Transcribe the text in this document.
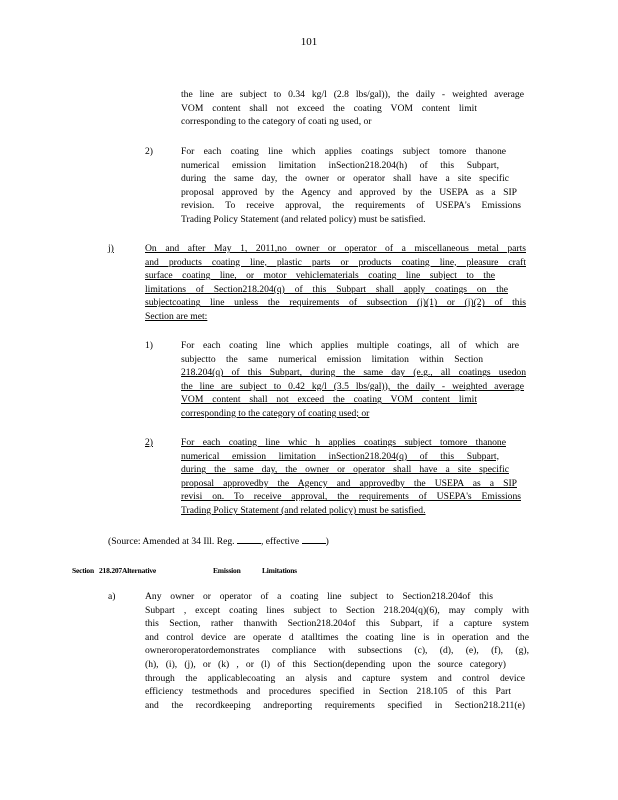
101
the line are subject to 0.34 kg/l (2.8 lbs/gal)), the daily - weighted average
VOM content shall not exceed the coating VOM content limit
corresponding to the category of coati ng used, or
2)	For each coating line which applies coatings subject tomore thanone
numerical emission limitation inSection218.204(h) of this Subpart,
during the same day, the owner or operator shall have a site specific
proposal approved by the Agency and approved by the USEPA as a SIP
revision. To receive approval, the requirements of USEPA's Emissions
Trading Policy Statement (and related policy) must be satisfied.
j)	On and after May 1, 2011,no owner or operator of a miscellaneous metal parts
and products coating line, plastic parts or products coating line, pleasure craft
surface coating line, or motor vehiclematerials coating line subject to the
limitations of Section218.204(q) of this Subpart shall apply coatings on the
subjectcoating line unless the requirements of subsection (j)(1) or (j)(2) of this
Section are met:
1)	For each coating line which applies multiple coatings, all of which are
subjectto the same numerical emission limitation within Section
218.204(q) of this Subpart, during the same day (e.g., all coatings usedon
the line are subject to 0.42 kg/l (3.5 lbs/gal)), the daily - weighted average
VOM content shall not exceed the coating VOM content limit
corresponding to the category of coating used; or
2)	For each coating line whic h applies coatings subject tomore thanone
numerical emission limitation inSection218.204(q) of this Subpart,
during the same day, the owner or operator shall have a site specific
proposal approvedby the Agency and approvedby the USEPA as a SIP
revisi on. To receive approval, the requirements of USEPA's Emissions
Trading Policy Statement (and related policy) must be satisfied.
(Source: Amended at 34 Ill. Reg.	, effective	)
Section 218.207Alternative	Emission	Limitations
a)	Any owner or operator of a coating line subject to Section218.204of this
Subpart , except coating lines subject to Section 218.204(q)(6), may comply with
this Section, rather thanwith Section218.204of this Subpart, if a capture system
and control device are operate d atalltimes the coating line is in operation and the
owneroroperatordemonstrates compliance with subsections (c), (d), (e), (f), (g),
(h), (i), (j), or (k) , or (l) of this Section(depending upon the source category)
through the applicablecoating an alysis and capture system and control device
efficiency testmethods and procedures specified in Section 218.105 of this Part
and the recordkeeping andreporting requirements specified in Section218.211(e)
